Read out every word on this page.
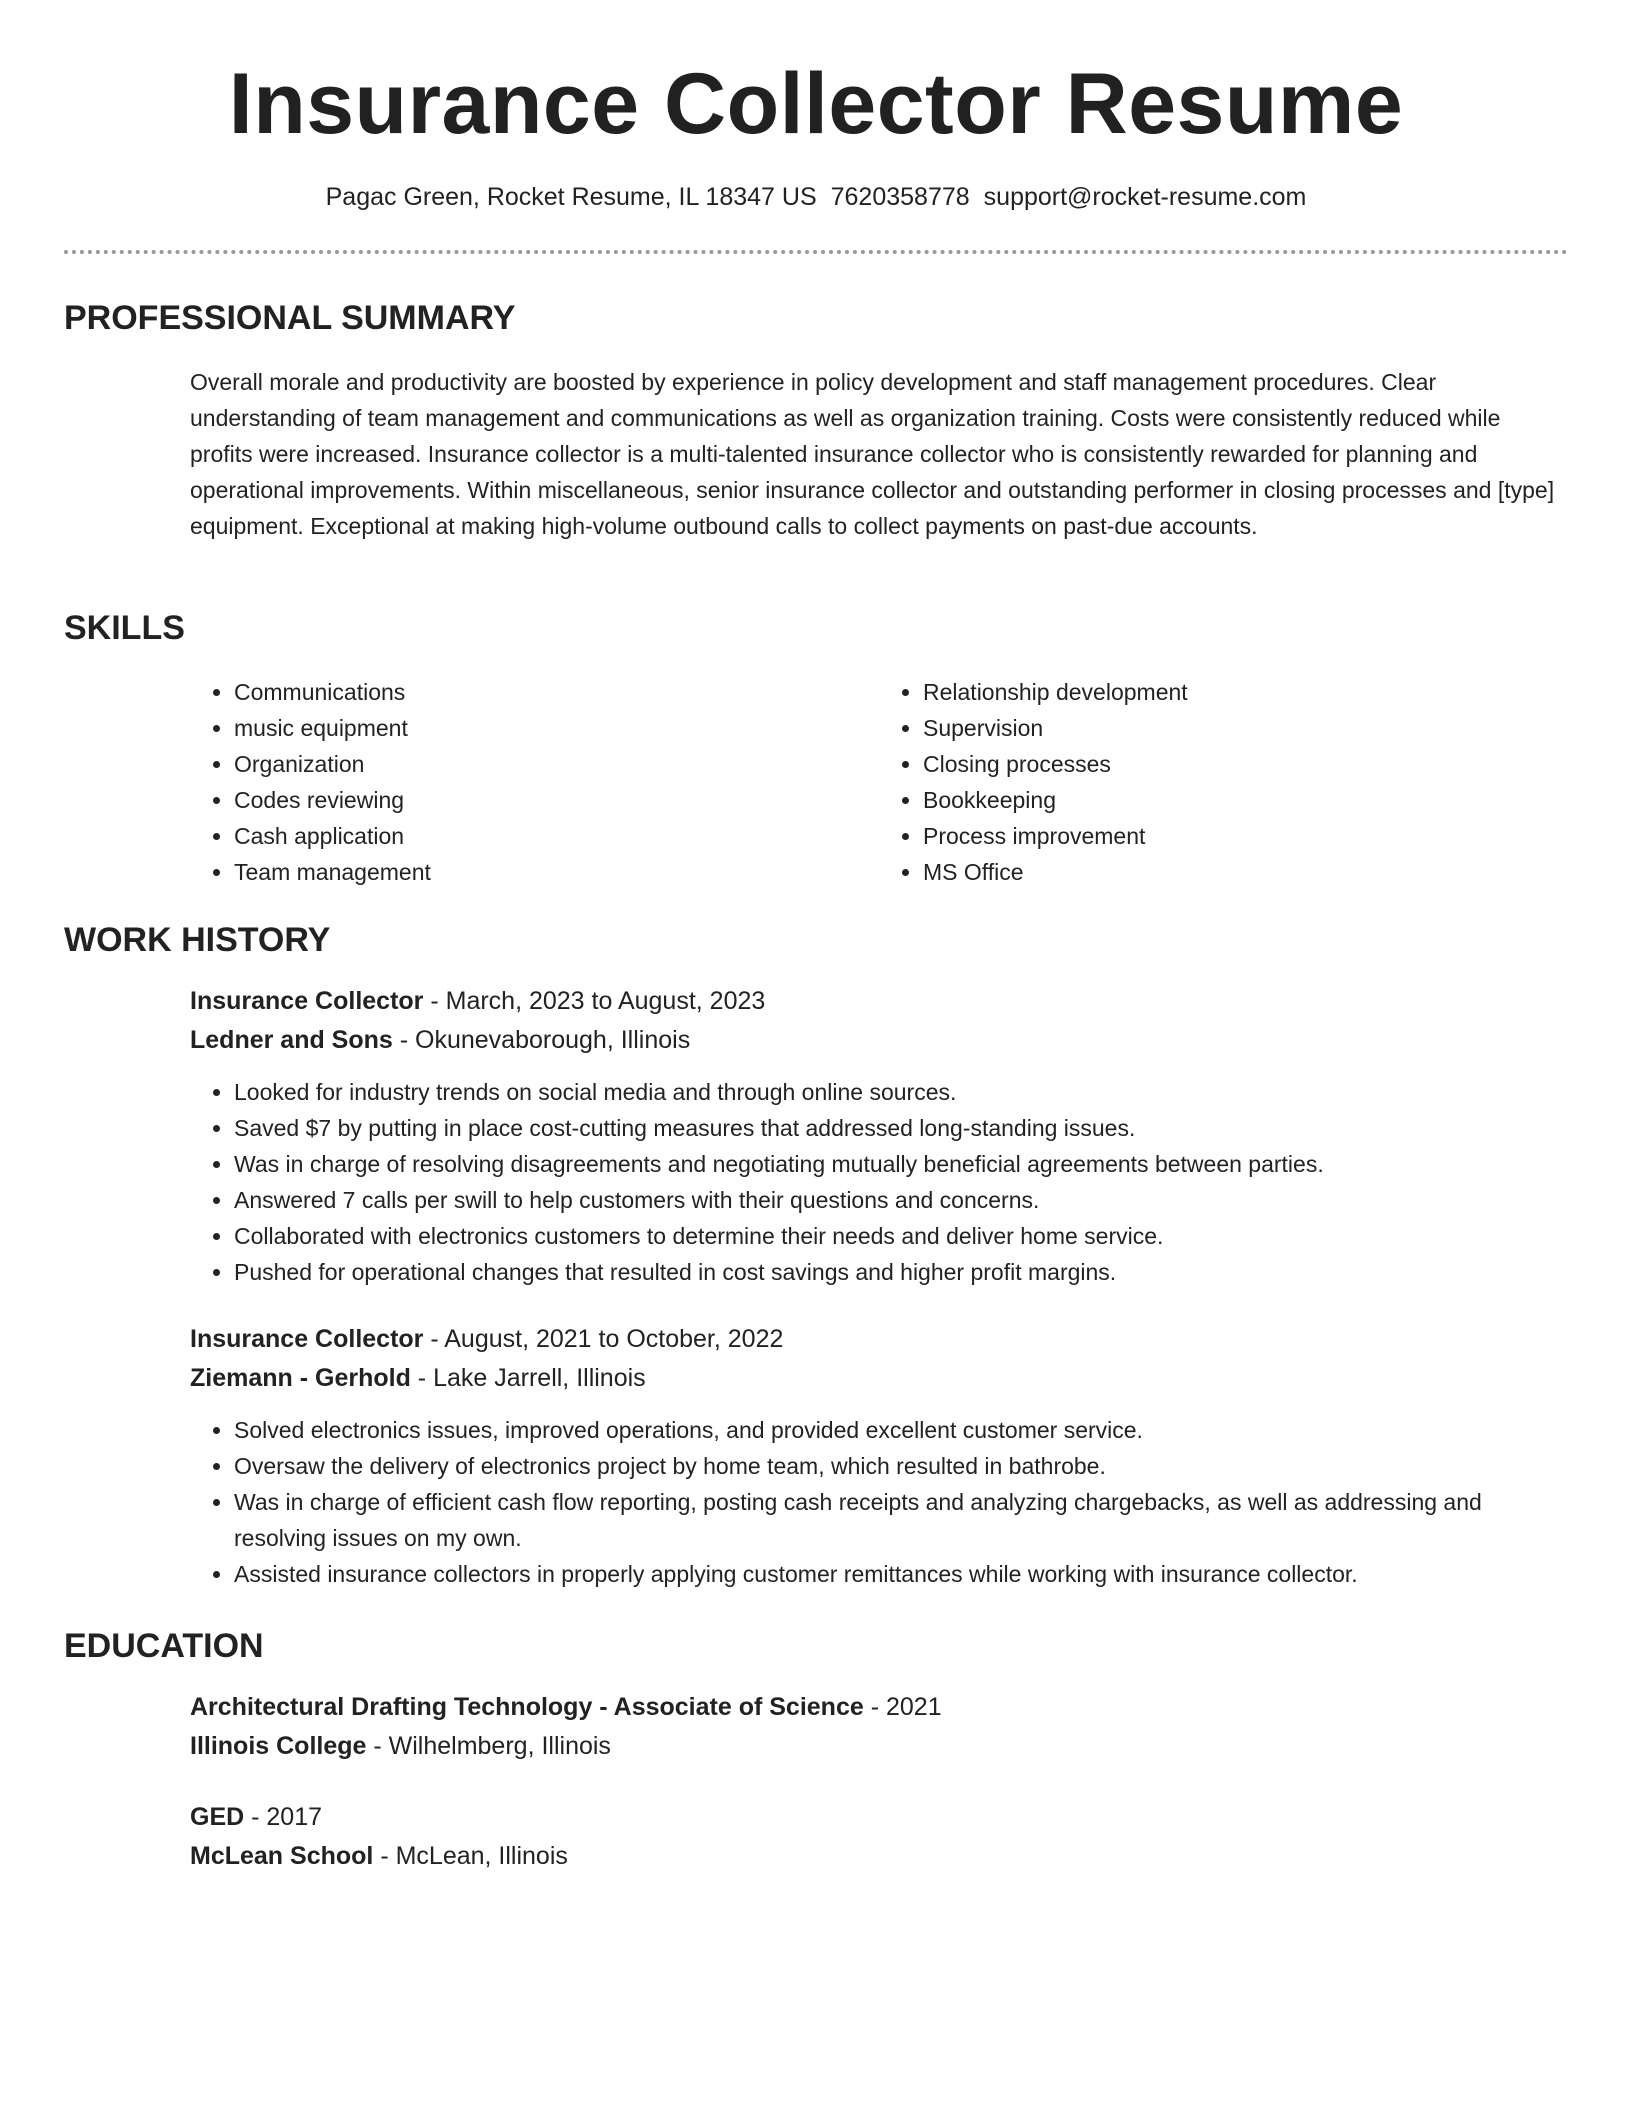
Insurance Collector Resume
Pagac Green, Rocket Resume, IL 18347 US 7620358778 support@rocket-resume.com
PROFESSIONAL SUMMARY

Overall morale and productivity are boosted by experience in policy development and staff management procedures. Clear understanding of team management and communications as well as organization training. Costs were consistently reduced while profits were increased. Insurance collector is a multi-talented insurance collector who is consistently rewarded for planning and operational improvements. Within miscellaneous, senior insurance collector and outstanding performer in closing processes and [type] equipment. Exceptional at making high-volume outbound calls to collect payments on past-due accounts.

SKILLS
• Communications
• music equipment
• Organization
• Codes reviewing
• Cash application
• Team management
• Relationship development
• Supervision
• Closing processes
• Bookkeeping
• Process improvement
• MS Office
WORK HISTORY

Insurance Collector - March, 2023 to August, 2023

Ledner and Sons - Okunevaborough, Illinois

• Looked for industry trends on social media and through online sources.
• Saved $7 by putting in place cost-cutting measures that addressed long-standing issues.
• Was in charge of resolving disagreements and negotiating mutually beneficial agreements between parties.
• Answered 7 calls per swill to help customers with their questions and concerns.
• Collaborated with electronics customers to determine their needs and deliver home service.
• Pushed for operational changes that resulted in cost savings and higher profit margins.

Insurance Collector - August, 2021 to October, 2022

Ziemann - Gerhold - Lake Jarrell, Illinois

• Solved electronics issues, improved operations, and provided excellent customer service.
• Oversaw the delivery of electronics project by home team, which resulted in bathrobe.
• Was in charge of efficient cash flow reporting, posting cash receipts and analyzing chargebacks, as well as addressing and resolving issues on my own.
• Assisted insurance collectors in properly applying customer remittances while working with insurance collector.
EDUCATION

Architectural Drafting Technology - Associate of Science - 2021

Illinois College - Wilhelmberg, Illinois

GED - 2017

McLean School - McLean, Illinois
